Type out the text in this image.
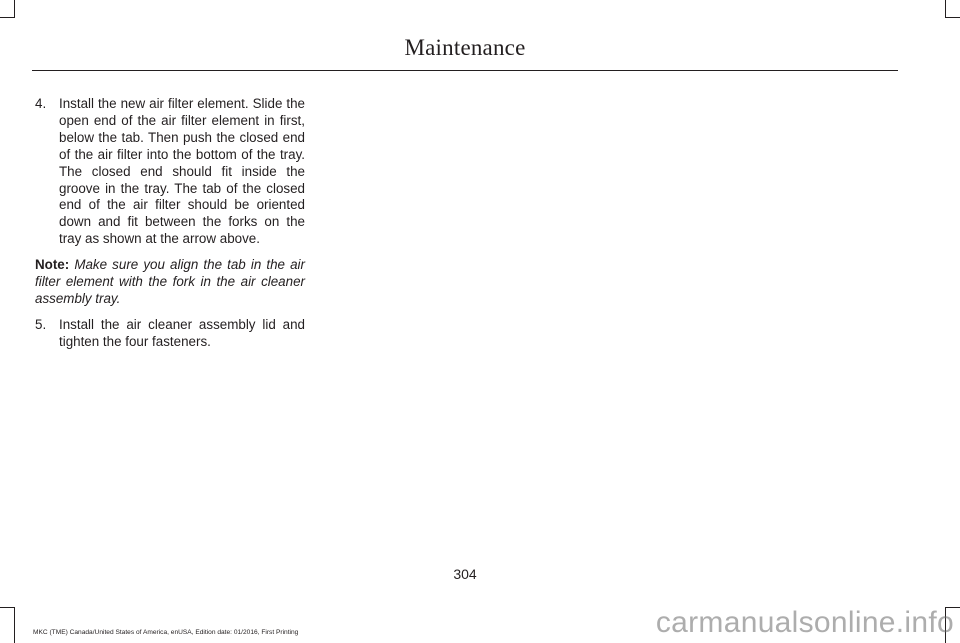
Maintenance
4. Install the new air filter element. Slide the open end of the air filter element in first, below the tab. Then push the closed end of the air filter into the bottom of the tray. The closed end should fit inside the groove in the tray. The tab of the closed end of the air filter should be oriented down and fit between the forks on the tray as shown at the arrow above.
Note: Make sure you align the tab in the air filter element with the fork in the air cleaner assembly tray.
5. Install the air cleaner assembly lid and tighten the four fasteners.
304
MKC (TME) Canada/United States of America, enUSA, Edition date: 01/2016, First Printing	carmanualsonline.info
